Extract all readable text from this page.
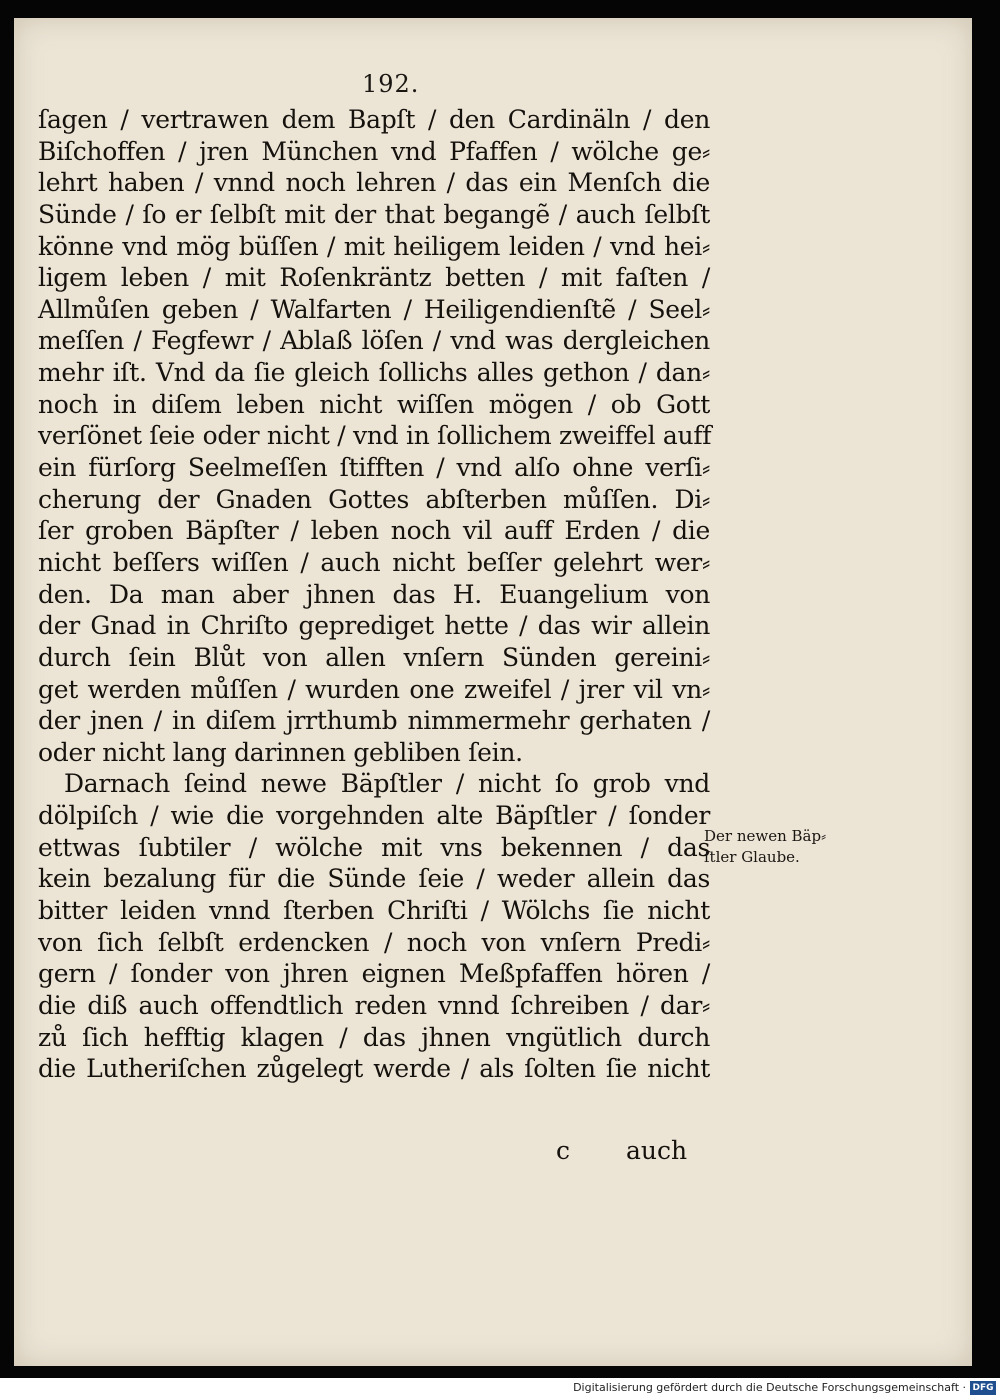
192.
ſagen / vertrawen dem Bapſt / den Cardinäln / den
Biſchoffen / jren München vnd Pfaffen / wölche ge⸗
lehrt haben / vnnd noch lehren / das ein Menſch die
Sünde / ſo er ſelbſt mit der that begangẽ / auch ſelbſt
könne vnd mög büſſen / mit heiligem leiden / vnd hei⸗
ligem leben / mit Roſenkräntz betten / mit faſten /
Allmůſen geben / Walfarten / Heiligendienſtẽ / Seel⸗
meſſen / Fegfewr / Ablaß löſen / vnd was dergleichen
mehr iſt. Vnd da ſie gleich ſollichs alles gethon / dan⸗
noch in diſem leben nicht wiſſen mögen / ob Gott
verſönet ſeie oder nicht / vnd in ſollichem zweiffel auff
ein fürſorg Seelmeſſen ſtifften / vnd alſo ohne verſi⸗
cherung der Gnaden Gottes abſterben můſſen. Di⸗
ſer groben Bäpſter / leben noch vil auff Erden / die
nicht beſſers wiſſen / auch nicht beſſer gelehrt wer⸗
den. Da man aber jhnen das H. Euangelium von
der Gnad in Chriſto geprediget hette / das wir allein
durch ſein Blůt von allen vnſern Sünden gereini⸗
get werden můſſen / wurden one zweifel / jrer vil vn⸗
der jnen / in diſem jrrthumb nimmermehr gerhaten /
oder nicht lang darinnen gebliben ſein.
Darnach ſeind newe Bäpſtler / nicht ſo grob vnd
dölpiſch / wie die vorgehnden alte Bäpſtler / ſonder
ettwas ſubtiler / wölche mit vns bekennen / das
kein bezalung für die Sünde ſeie / weder allein das
bitter leiden vnnd ſterben Chriſti / Wölchs ſie nicht
von ſich ſelbſt erdencken / noch von vnſern Predi⸗
gern / ſonder von jhren eignen Meßpfaffen hören /
die diß auch offendtlich reden vnnd ſchreiben / dar⸗
zů ſich hefftig klagen / das jhnen vngütlich durch
die Lutheriſchen zůgelegt werde / als ſolten ſie nicht
Der newen Bäp⸗
ſtler Glaube.
c auch
Digitalisierung gefördert durch die Deutsche Forschungsgemeinschaft · DFG
